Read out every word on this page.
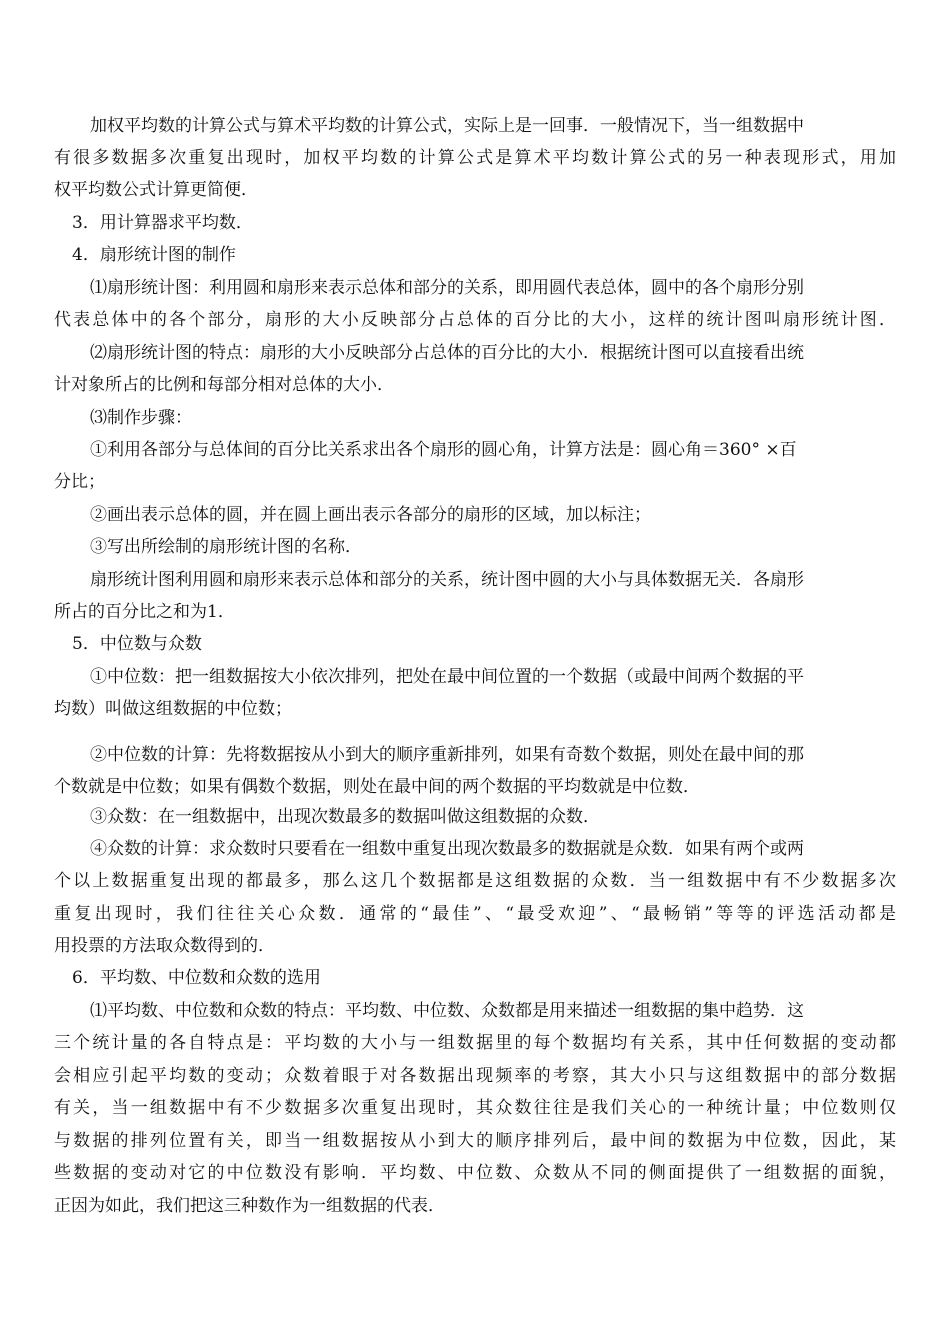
加权平均数的计算公式与算术平均数的计算公式，实际上是一回事．一般情况下，当一组数据中
有很多数据多次重复出现时，加权平均数的计算公式是算术平均数计算公式的另一种表现形式，用加
权平均数公式计算更简便．
3．用计算器求平均数．
4．扇形统计图的制作
⑴扇形统计图：利用圆和扇形来表示总体和部分的关系，即用圆代表总体，圆中的各个扇形分别
代表总体中的各个部分，扇形的大小反映部分占总体的百分比的大小，这样的统计图叫扇形统计图．
⑵扇形统计图的特点：扇形的大小反映部分占总体的百分比的大小．根据统计图可以直接看出统
计对象所占的比例和每部分相对总体的大小．
⑶制作步骤：
①利用各部分与总体间的百分比关系求出各个扇形的圆心角，计算方法是：圆心角＝360° ×百
分比；
②画出表示总体的圆，并在圆上画出表示各部分的扇形的区域，加以标注；
③写出所绘制的扇形统计图的名称．
扇形统计图利用圆和扇形来表示总体和部分的关系，统计图中圆的大小与具体数据无关．各扇形
所占的百分比之和为1．
5．中位数与众数
①中位数：把一组数据按大小依次排列，把处在最中间位置的一个数据（或最中间两个数据的平
均数）叫做这组数据的中位数；
②中位数的计算：先将数据按从小到大的顺序重新排列，如果有奇数个数据，则处在最中间的那
个数就是中位数；如果有偶数个数据，则处在最中间的两个数据的平均数就是中位数．
③众数：在一组数据中，出现次数最多的数据叫做这组数据的众数．
④众数的计算：求众数时只要看在一组数中重复出现次数最多的数据就是众数．如果有两个或两
个以上数据重复出现的都最多，那么这几个数据都是这组数据的众数．当一组数据中有不少数据多次
重复出现时，我们往往关心众数．通常的“最佳”、“最受欢迎”、“最畅销”等等的评选活动都是
用投票的方法取众数得到的．
6．平均数、中位数和众数的选用
⑴平均数、中位数和众数的特点：平均数、中位数、众数都是用来描述一组数据的集中趋势．这
三个统计量的各自特点是：平均数的大小与一组数据里的每个数据均有关系，其中任何数据的变动都
会相应引起平均数的变动；众数着眼于对各数据出现频率的考察，其大小只与这组数据中的部分数据
有关，当一组数据中有不少数据多次重复出现时，其众数往往是我们关心的一种统计量；中位数则仅
与数据的排列位置有关，即当一组数据按从小到大的顺序排列后，最中间的数据为中位数，因此，某
些数据的变动对它的中位数没有影响．平均数、中位数、众数从不同的侧面提供了一组数据的面貌，
正因为如此，我们把这三种数作为一组数据的代表．
